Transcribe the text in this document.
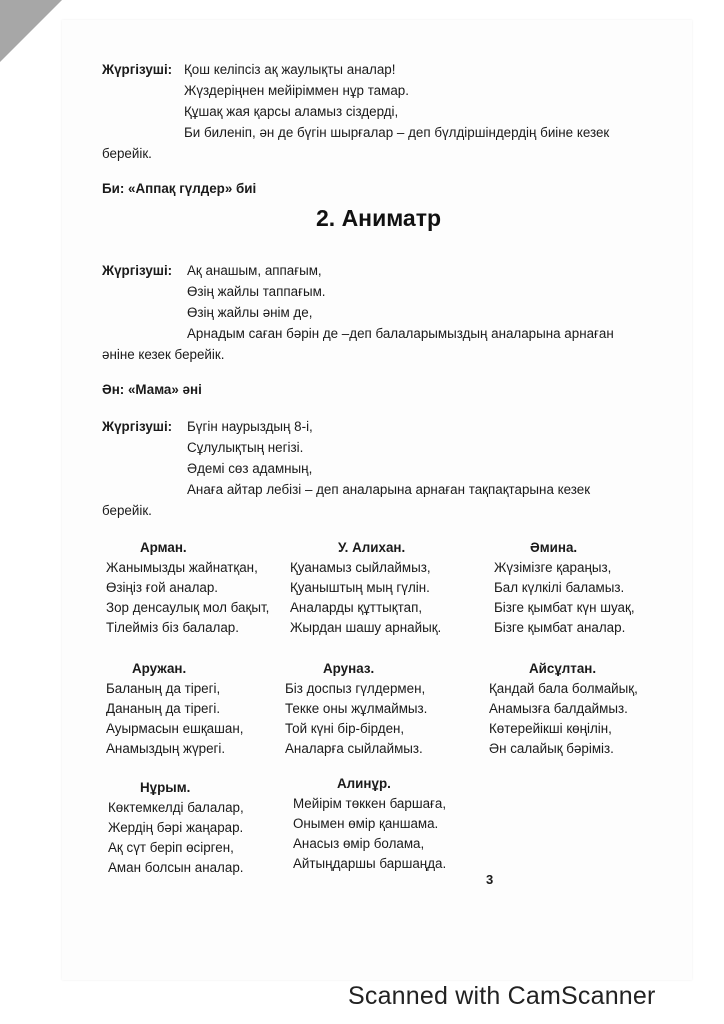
Жүргізуші: Қош келіпсіз ақ жаулықты аналар!
Жүздеріңнен мейіріммен нұр тамар.
Құшақ жая қарсы аламыз сіздерді,
Би биленіп, ән де бүгін шырғалар – деп бүлдіршіндердің биіне кезек
берейік.
Би: «Аппақ гүлдер» биі
2. Аниматр
Жүргізуші: Ақ анашым, аппағым,
Өзің жайлы таппағым.
Өзің жайлы әнім де,
Арнадым саған бәрін де –деп балаларымыздың аналарына арнаған
әніне кезек берейік.
Ән: «Мама» әні
Жүргізуші: Бүгін наурыздың 8-і,
Сұлулықтың негізі.
Әдемі сөз адамның,
Анаға айтар лебізі – деп аналарына арнаған тақпақтарына кезек
берейік.
Арман.
Жанымызды жайнатқан,
Өзіңіз ғой аналар.
Зор денсаулық мол бақыт,
Тілейміз біз балалар.
У. Алихан.
Қуанамыз сыйлаймыз,
Қуаныштың мың гүлін.
Аналарды құттықтап,
Жырдан шашу арнайық.
Әмина.
Жүзімізге қараңыз,
Бал күлкілі баламыз.
Бізге қымбат күн шуақ,
Бізге қымбат аналар.
Аружан.
Баланың да тірегі,
Дананың да тірегі.
Ауырмасын ешқашан,
Анамыздың жүрегі.
Аруназ.
Біз доспыз гүлдермен,
Текке оны жұлмаймыз.
Той күні бір-бірден,
Аналарға сыйлаймыз.
Айсұлтан.
Қандай бала болмайық,
Анамызға балдаймыз.
Көтерейікші көңілін,
Ән салайық бәріміз.
Нұрым.
Көктемкелді балалар,
Жердің бәрі жаңарар.
Ақ сүт беріп өсірген,
Аман болсын аналар.
Алинұр.
Мейірім төккен баршаға,
Онымен өмір қаншама.
Анасыз өмір болама,
Айтыңдаршы баршаңда.
3
Scanned with CamScanner
